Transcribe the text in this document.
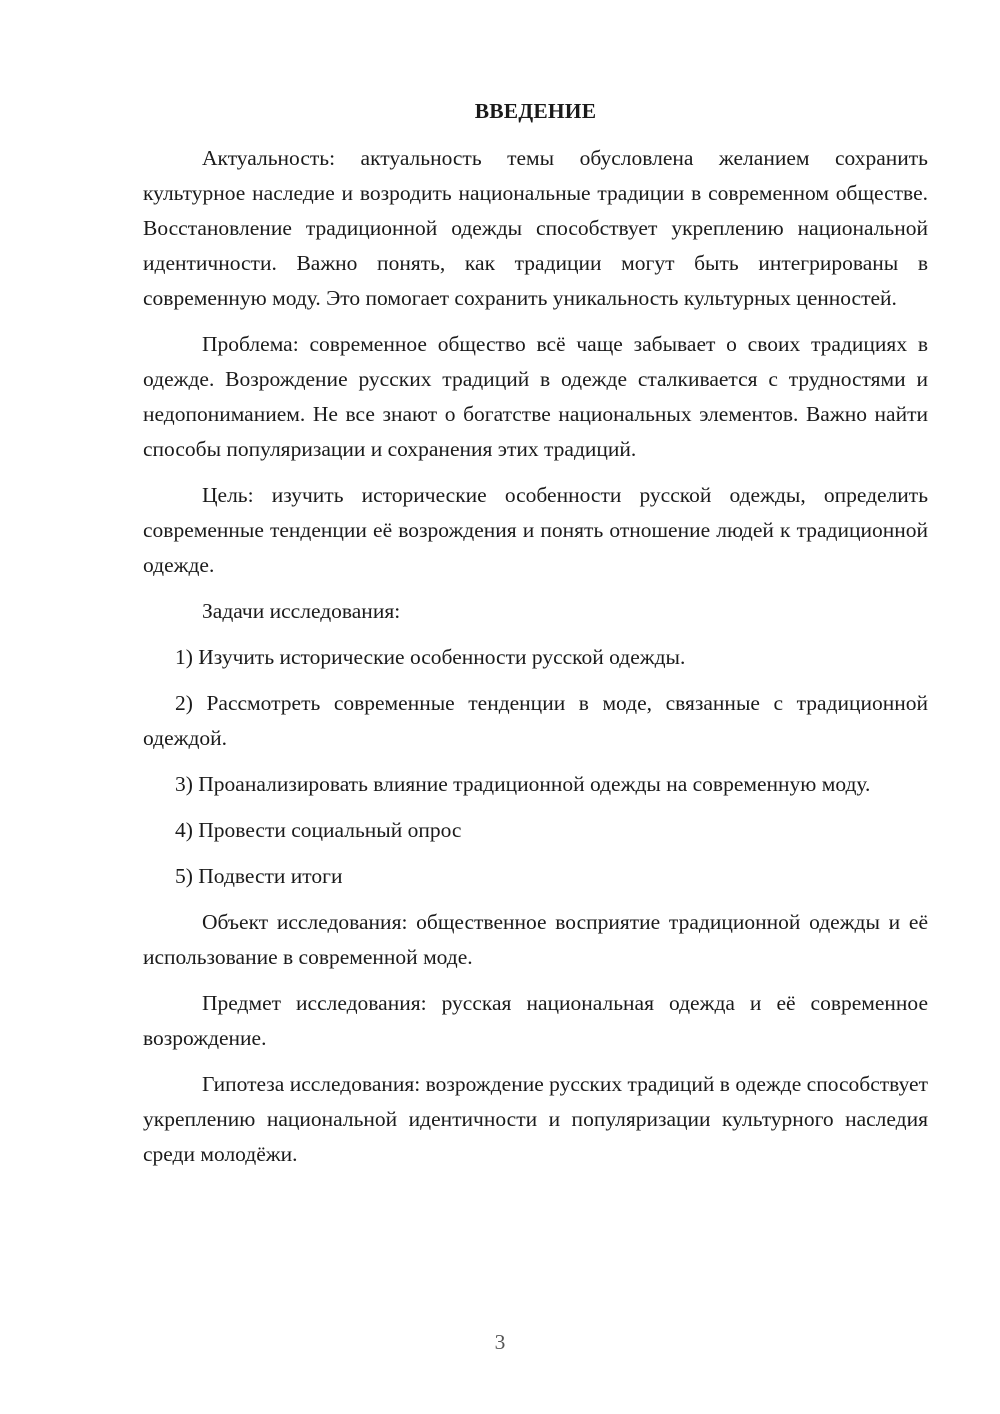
ВВЕДЕНИЕ

Актуальность: актуальность темы обусловлена желанием сохранить культурное наследие и возродить национальные традиции в современном обществе. Восстановление традиционной одежды способствует укреплению национальной идентичности. Важно понять, как традиции могут быть интегрированы в современную моду. Это помогает сохранить уникальность культурных ценностей.

Проблема: современное общество всё чаще забывает о своих традициях в одежде. Возрождение русских традиций в одежде сталкивается с трудностями и недопониманием. Не все знают о богатстве национальных элементов. Важно найти способы популяризации и сохранения этих традиций.

Цель: изучить исторические особенности русской одежды, определить современные тенденции её возрождения и понять отношение людей к традиционной одежде.

Задачи исследования:

1) Изучить исторические особенности русской одежды.

2) Рассмотреть современные тенденции в моде, связанные с традиционной одеждой.

3) Проанализировать влияние традиционной одежды на современную моду.

4) Провести социальный опрос

5) Подвести итоги

Объект исследования: общественное восприятие традиционной одежды и её использование в современной моде.

Предмет исследования: русская национальная одежда и её современное возрождение.

Гипотеза исследования: возрождение русских традиций в одежде способствует укреплению национальной идентичности и популяризации культурного наследия среди молодёжи.

3
